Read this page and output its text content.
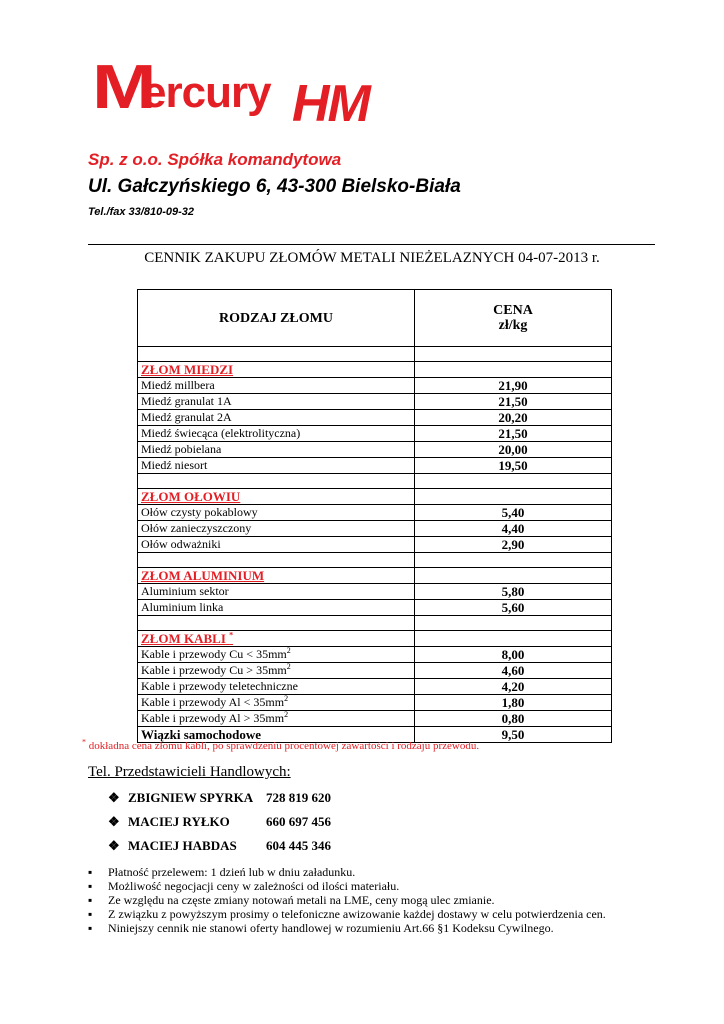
M
ercury HM
Sp. z o.o. Spółka komandytowa
Ul. Gałczyńskiego 6, 43-300 Bielsko-Biała
Tel./fax 33/810-09-32
CENNIK ZAKUPU ZŁOMÓW METALI NIEŻELAZNYCH 04-07-2013 r.
RODZAJ ZŁOMU	CENA
zł/kg

ZŁOM MIEDZI	
Miedź millbera	21,90
Miedź granulat 1A	21,50
Miedź granulat 2A	20,20
Miedź świecąca (elektrolityczna)	21,50
Miedź pobielana	20,00
Miedź niesort	19,50

ZŁOM OŁOWIU	
Ołów czysty pokablowy	5,40
Ołów zanieczyszczony	4,40
Ołów odważniki	2,90

ZŁOM ALUMINIUM	
Aluminium sektor	5,80
Aluminium linka	5,60

ZŁOM KABLI *	
Kable i przewody $Cu < 35mm^2$	8,00
Kable i przewody $Cu > 35mm^2$	4,60
Kable i przewody teletechniczne	4,20
Kable i przewody $Al < 35mm^2$	1,80
Kable i przewody $Al > 35mm^2$	0,80
Wiązki samochodowe	9,50
* dokładna cena złomu kabli, po sprawdzeniu procentowej zawartości i rodzaju przewodu.
Tel. Przedstawicieli Handlowych:
❖ ZBIGNIEW SPYRKA 728 819 620
❖ MACIEJ RYŁKO	660 697 456
❖ MACIEJ HABDAS 604 445 346
▪ Płatność przelewem: 1 dzień lub w dniu załadunku.
▪ Możliwość negocjacji ceny w zależności od ilości materiału.
▪ Ze względu na częste zmiany notowań metali na LME, ceny mogą ulec zmianie.
▪ Z związku z powyższym prosimy o telefoniczne awizowanie każdej dostawy w celu potwierdzenia cen.
▪ Niniejszy cennik nie stanowi oferty handlowej w rozumieniu Art.66 §1 Kodeksu Cywilnego.
